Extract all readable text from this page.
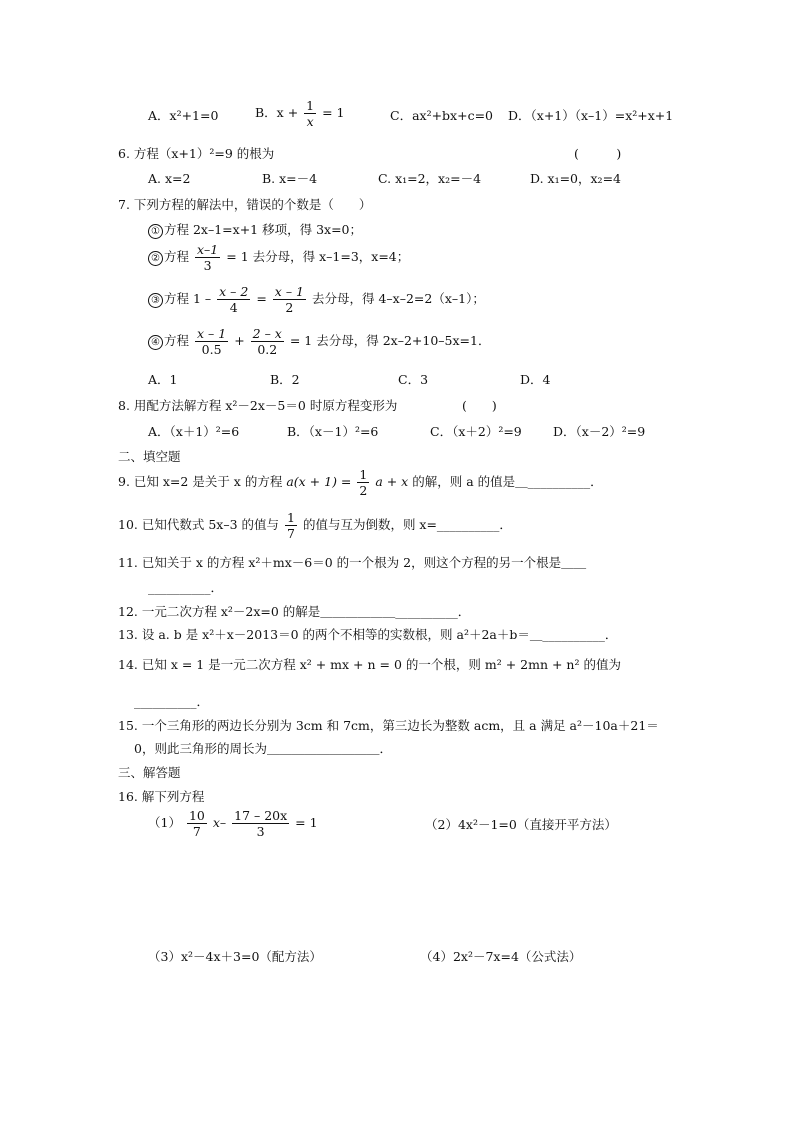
A．x²+1=0	B．$x + \frac{1}{x} = 1$	C．ax²+bx+c=0 D．（x+1）（x–1）=x²+x+1
6. 方程（x+1）²=9 的根为	(　　　)
A. x=2	B. x=－4	C. x₁=2，x₂=－4	D. x₁=0，x₂=4
7. 下列方程的解法中，错误的个数是（　　）
① 方程 2x–1=x+1 移项，得 3x=0；
② 方程 $\frac{x-1}{3} = 1$ 去分母，得 x–1=3，x=4；
③ 方程 $1 - \frac{x - 2}{4} = \frac{x - 1}{2}$ 去分母，得 4–x–2=2（x–1）；
④ 方程 $\frac{x - 1}{0.5} + \frac{2 - x}{0.2} = 1$ 去分母，得 2x–2+10–5x=1．
A．1	B．2	C．3	D．4
8. 用配方法解方程 x²－2x－5＝0 时原方程变形为	(　　)
A．（x＋1）²=6	B．（x－1）²=6	C．（x＋2）²=9 D．（x－2）²=9
二、填空题
9. 已知 x=2 是关于 x 的方程 $a(x + 1) = \frac{1}{2}$ a + x 的解，则 a 的值是＿__________．
10. 已知代数式 5x–3 的值与 $\frac{1}{7}$ 的值与互为倒数，则 x=__________．
11. 已知关于 x 的方程 x²＋mx－6＝0 的一个根为 2，则这个方程的另一个根是＿＿
__________．
12. 一元二次方程 x²－2x=0 的解是＿＿＿＿＿＿__________．
13. 设 a. b 是 x²＋x－2013＝0 的两个不相等的实数根，则 a²＋2a＋b＝＿__________．
14. 已知 x = 1 是一元二次方程 x² + mx + n = 0 的一个根，则 m² + 2mn + n² 的值为
__________．
15. 一个三角形的两边长分别为 3cm 和 7cm，第三边长为整数 acm，且 a 满足 a²－10a＋21＝
0，则此三角形的周长为＿＿＿＿＿＿＿＿＿．
三、解答题
16. 解下列方程
$(1) \frac{10}{7} x- \frac{17 - 20x}{3} = 1$	（2）4x²－1=0（直接开平方法）
（3）x²－4x＋3=0（配方法）	（4）2x²－7x=4（公式法）
